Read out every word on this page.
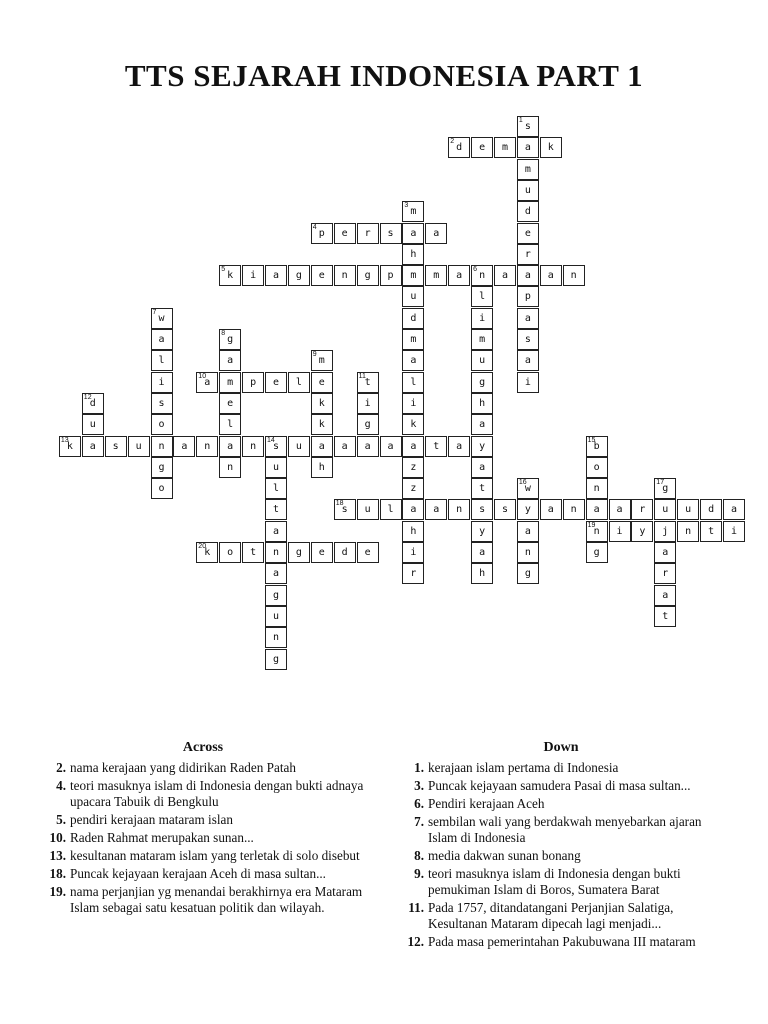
TTS SEJARAH INDONESIA PART 1
s
1
a
m
u
d
e
r
a
p
a
s
a
i
d
2
e	m	k
m
3
a
h
m
u
d
m
a
l
i
k
a
z
z
a
h
i
r
p
4
e	r	s	a
k
5
i	a	g	e	n	g	p	m	a	n
6
a	a	n
l
i
m
u
g
h
a
y
a
t
s
y
a
h
w
7
a
l
i
s
o
n
g
o
g
8
a
m
e
l
a
n
m
9
e
k
k
a
h
a
10
p	e	l	t
11
i
g
a
d
12
u
k
13
a	s	u	a	n	n	s
14
u	a	a	t	a
u
l
t
a
n
a
g
u
n
g
b
15
o
n
a
n
19
g
w
16
y
a
n
g
g
17
u
j
a
r
a
t
s
18
u	l	a	n	s	a	n	a	r	u	d	a
i	y	n	t	i
k
20
o	t	g	e	d	e
Across
2. nama kerajaan yang didirikan Raden Patah
4. teori masuknya islam di Indonesia dengan bukti adnaya upacara Tabuik di Bengkulu
5. pendiri kerajaan mataram islan
10. Raden Rahmat merupakan sunan...
13. kesultanan mataram islam yang terletak di solo disebut
18. Puncak kejayaan kerajaan Aceh di masa sultan...
19. nama perjanjian yg menandai berakhirnya era Mataram Islam sebagai satu kesatuan politik dan wilayah.
Down
1. kerajaan islam pertama di Indonesia
3. Puncak kejayaan samudera Pasai di masa sultan...
6. Pendiri kerajaan Aceh
7. sembilan wali yang berdakwah menyebarkan ajaran Islam di Indonesia
8. media dakwan sunan bonang
9. teori masuknya islam di Indonesia dengan bukti pemukiman Islam di Boros, Sumatera Barat
11. Pada 1757, ditandatangani Perjanjian Salatiga, Kesultanan Mataram dipecah lagi menjadi...
12. Pada masa pemerintahan Pakubuwana III mataram
